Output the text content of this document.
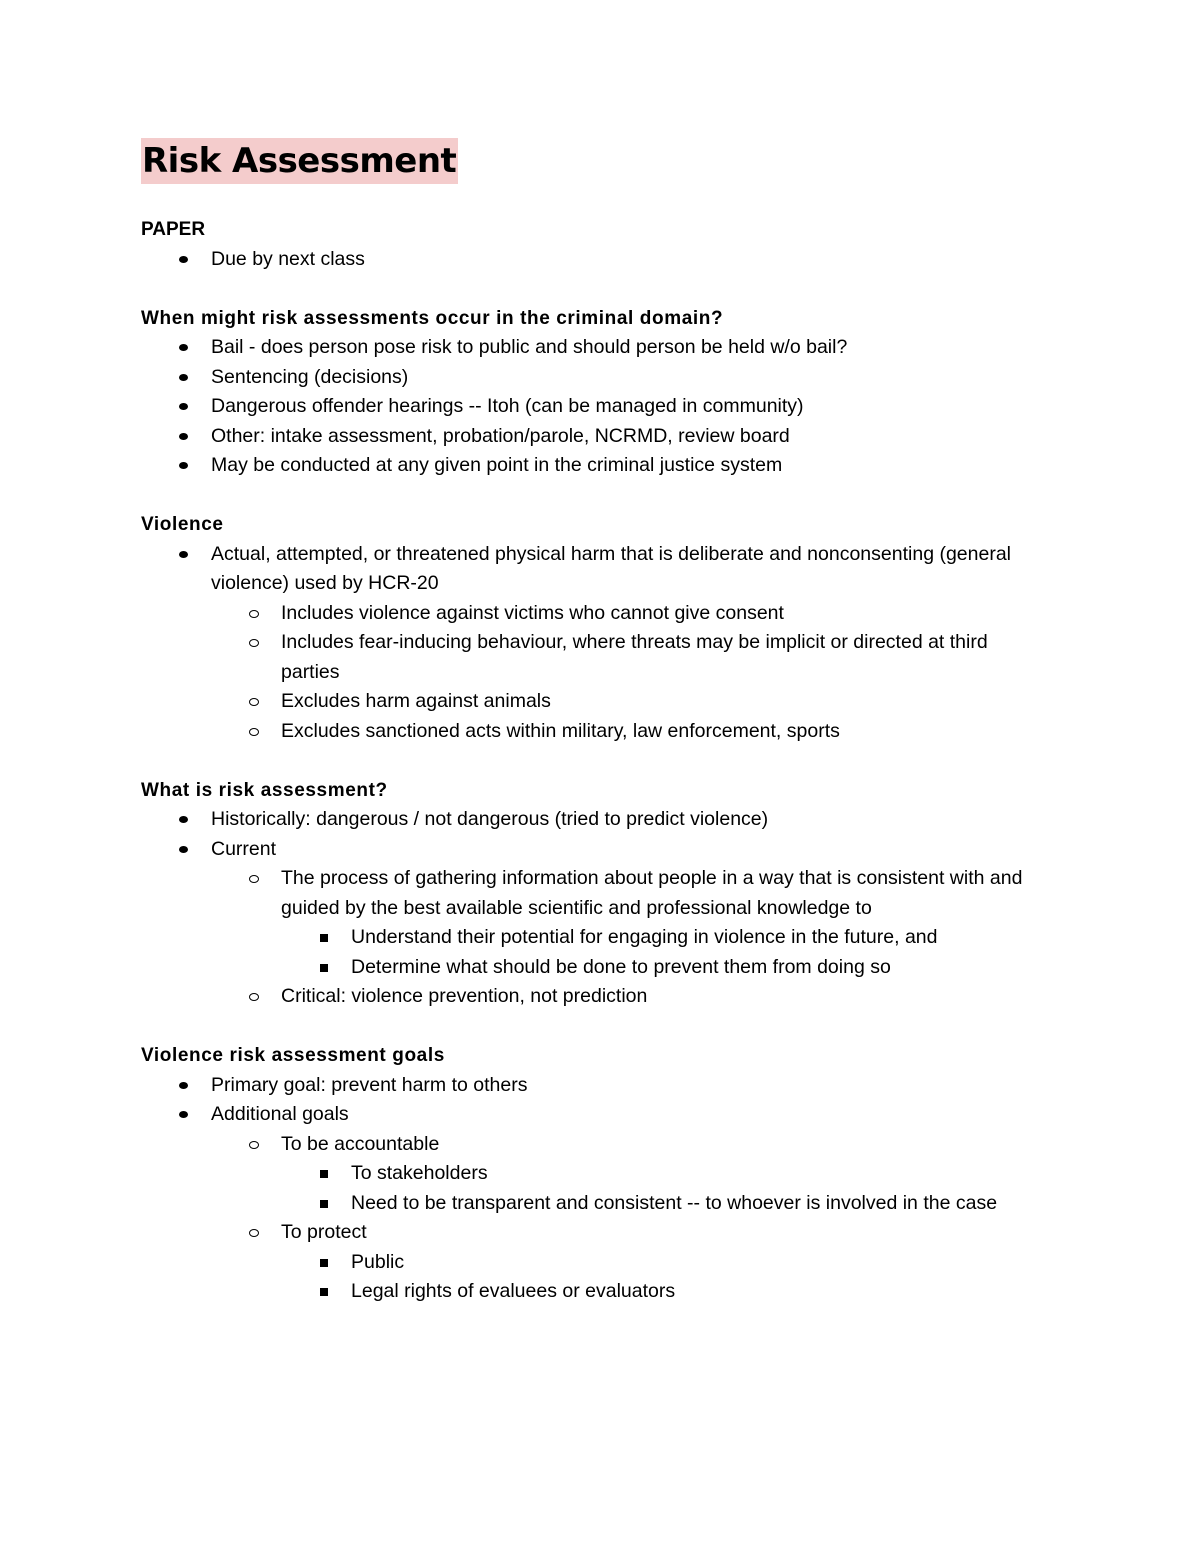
Risk Assessment
PAPER
Due by next class
When might risk assessments occur in the criminal domain?
Bail - does person pose risk to public and should person be held w/o bail?
Sentencing (decisions)
Dangerous offender hearings -- Itoh (can be managed in community)
Other: intake assessment, probation/parole, NCRMD, review board
May be conducted at any given point in the criminal justice system
Violence
Actual, attempted, or threatened physical harm that is deliberate and nonconsenting (general violence) used by HCR-20
Includes violence against victims who cannot give consent
Includes fear-inducing behaviour, where threats may be implicit or directed at third parties
Excludes harm against animals
Excludes sanctioned acts within military, law enforcement, sports
What is risk assessment?
Historically: dangerous / not dangerous (tried to predict violence)
Current
The process of gathering information about people in a way that is consistent with and guided by the best available scientific and professional knowledge to
Understand their potential for engaging in violence in the future, and
Determine what should be done to prevent them from doing so
Critical: violence prevention, not prediction
Violence risk assessment goals
Primary goal: prevent harm to others
Additional goals
To be accountable
To stakeholders
Need to be transparent and consistent -- to whoever is involved in the case
To protect
Public
Legal rights of evaluees or evaluators
